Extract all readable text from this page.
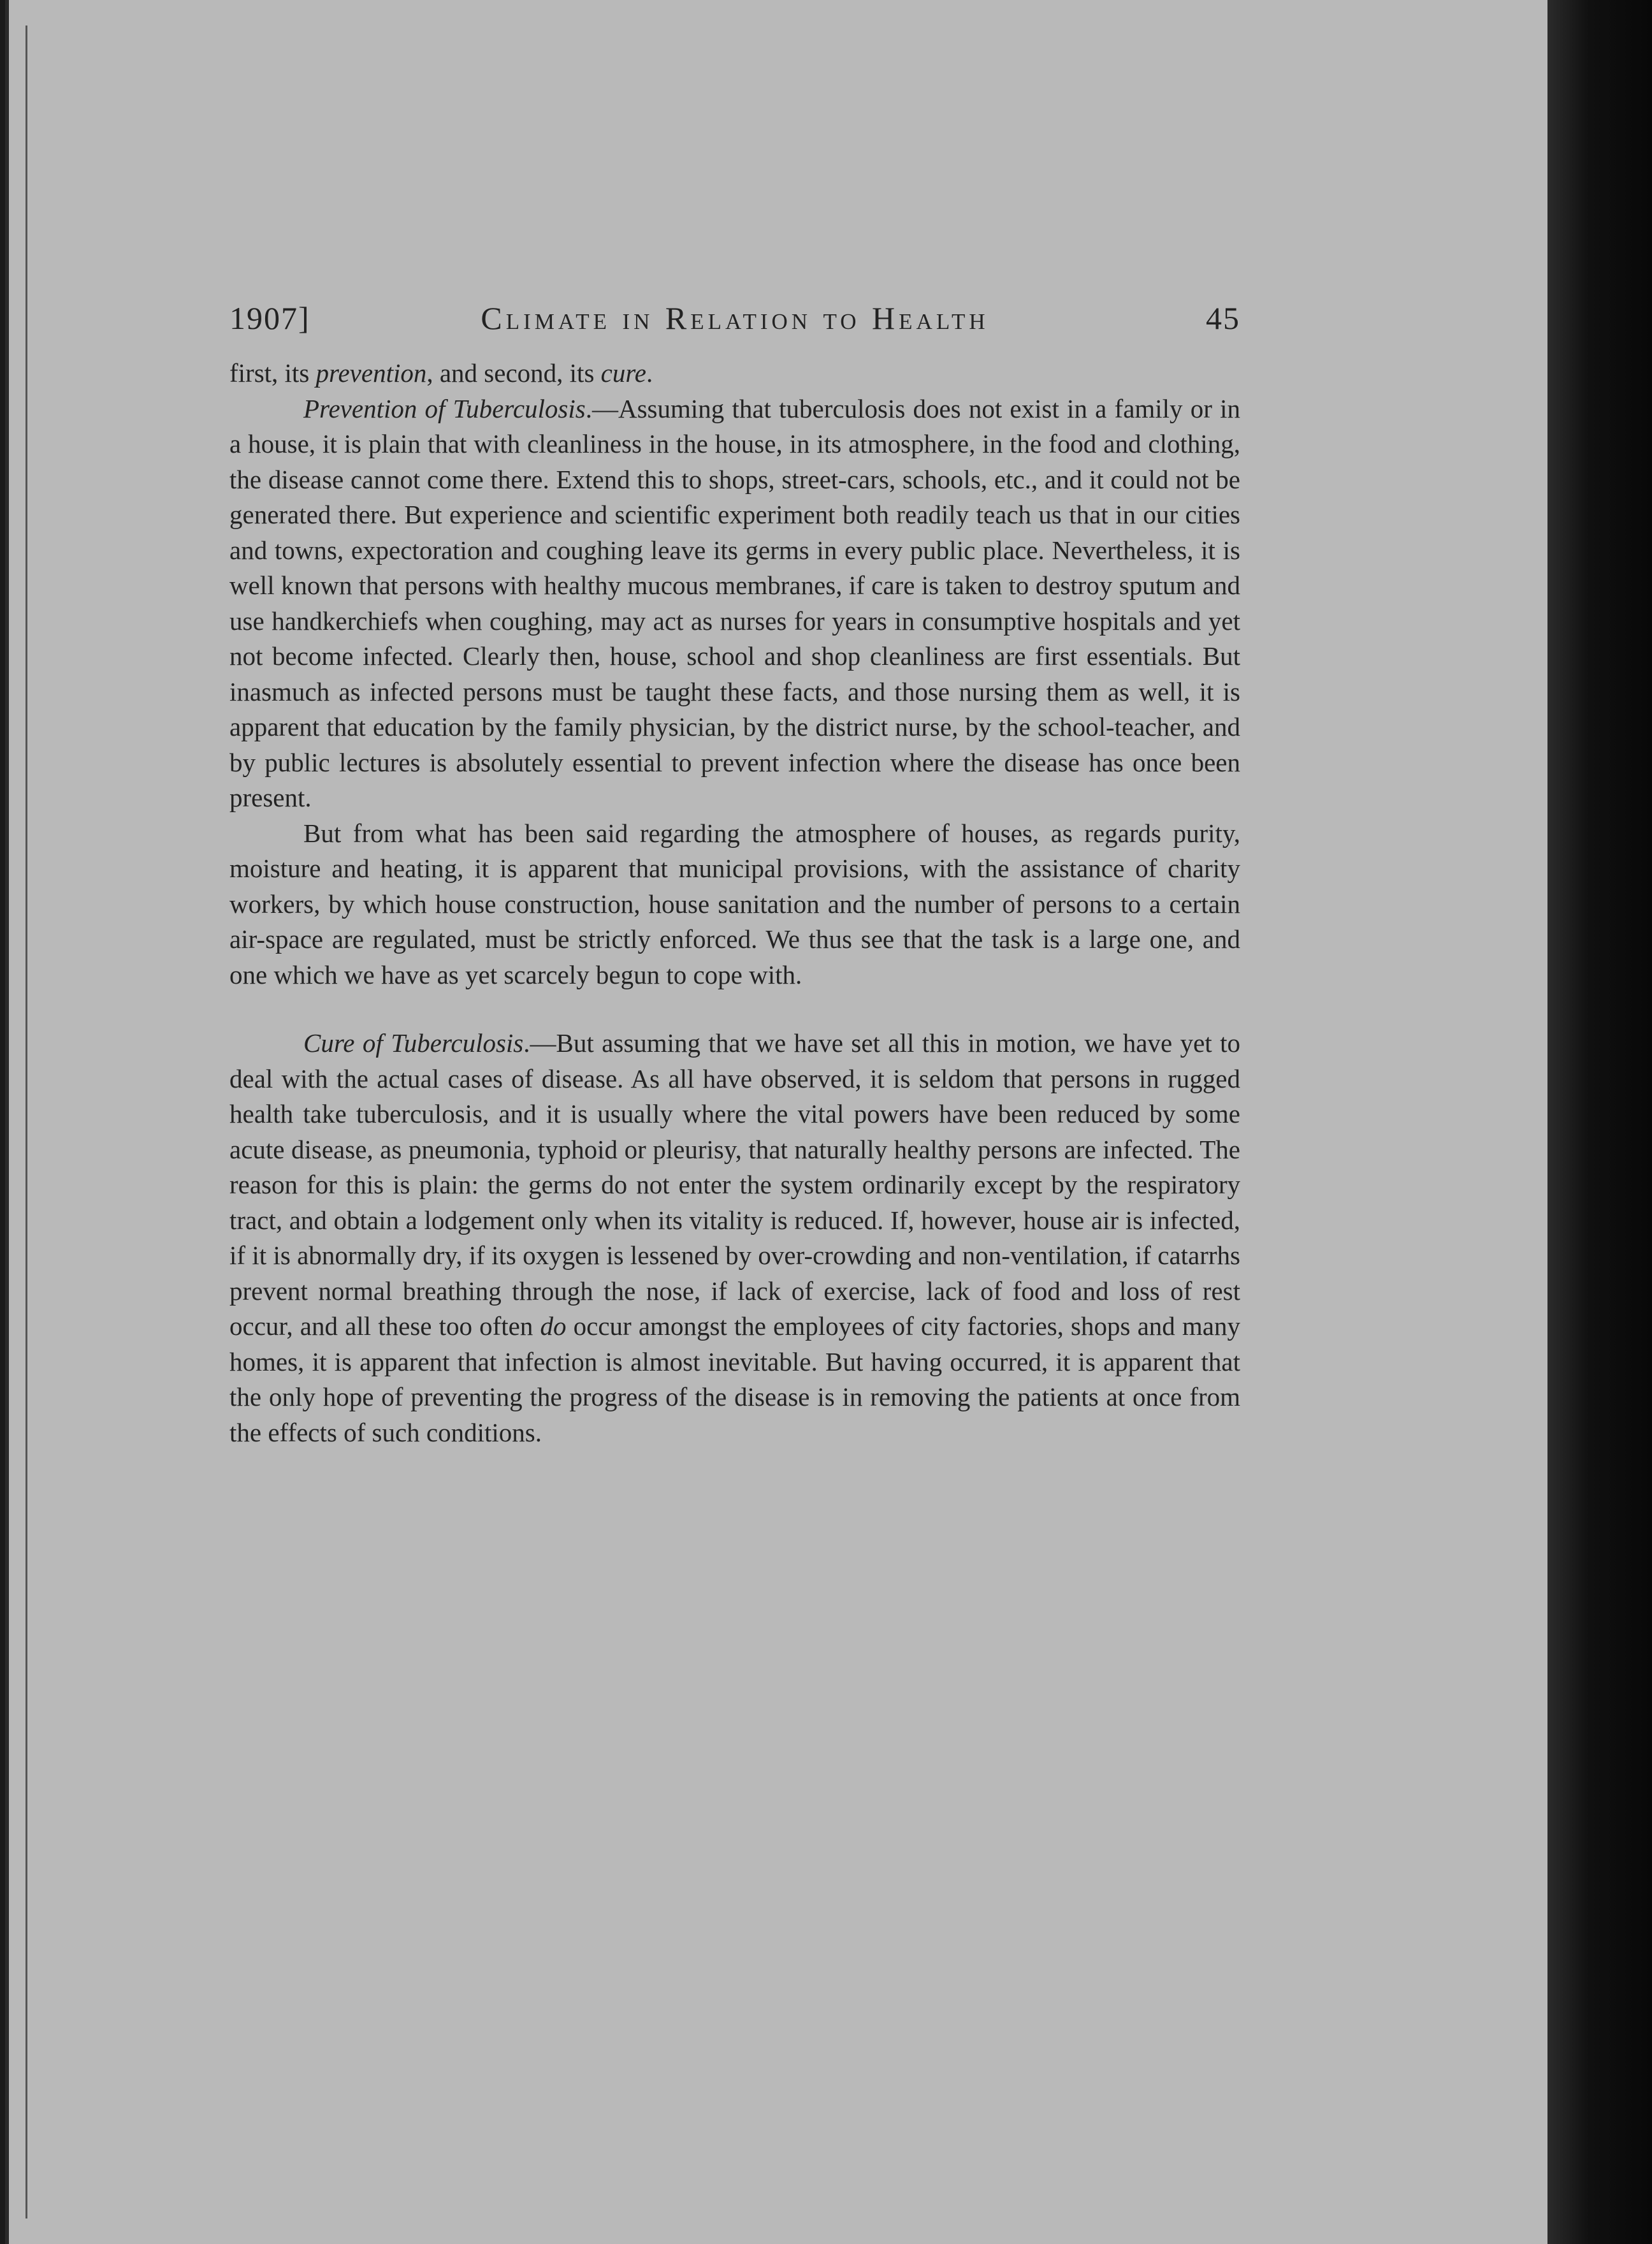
1907]	Climate in Relation to Health	45

first, its prevention, and second, its cure.

Prevention of Tuberculosis.—Assuming that tuberculosis does not exist in a family or in a house, it is plain that with cleanliness in the house, in its atmosphere, in the food and clothing, the disease cannot come there. Extend this to shops, street-cars, schools, etc., and it could not be generated there. But experience and scientific experiment both readily teach us that in our cities and towns, expectoration and coughing leave its germs in every public place. Nevertheless, it is well known that persons with healthy mucous membranes, if care is taken to destroy sputum and use handkerchiefs when coughing, may act as nurses for years in consumptive hospitals and yet not become infected. Clearly then, house, school and shop cleanliness are first essentials. But inasmuch as infected persons must be taught these facts, and those nursing them as well, it is apparent that education by the family physician, by the district nurse, by the school-teacher, and by public lectures is absolutely essential to prevent infection where the disease has once been present.

But from what has been said regarding the atmosphere of houses, as regards purity, moisture and heating, it is apparent that municipal provisions, with the assistance of charity workers, by which house construction, house sanitation and the number of persons to a certain air-space are regulated, must be strictly enforced. We thus see that the task is a large one, and one which we have as yet scarcely begun to cope with.

Cure of Tuberculosis.—But assuming that we have set all this in motion, we have yet to deal with the actual cases of disease. As all have observed, it is seldom that persons in rugged health take tuberculosis, and it is usually where the vital powers have been reduced by some acute disease, as pneumonia, typhoid or pleurisy, that naturally healthy persons are infected. The reason for this is plain: the germs do not enter the system ordinarily except by the respiratory tract, and obtain a lodgement only when its vitality is reduced. If, however, house air is infected, if it is abnormally dry, if its oxygen is lessened by over-crowding and non-ventilation, if catarrhs prevent normal breathing through the nose, if lack of exercise, lack of food and loss of rest occur, and all these too often do occur amongst the employees of city factories, shops and many homes, it is apparent that infection is almost inevitable. But having occurred, it is apparent that the only hope of preventing the progress of the disease is in removing the patients at once from the effects of such conditions.
